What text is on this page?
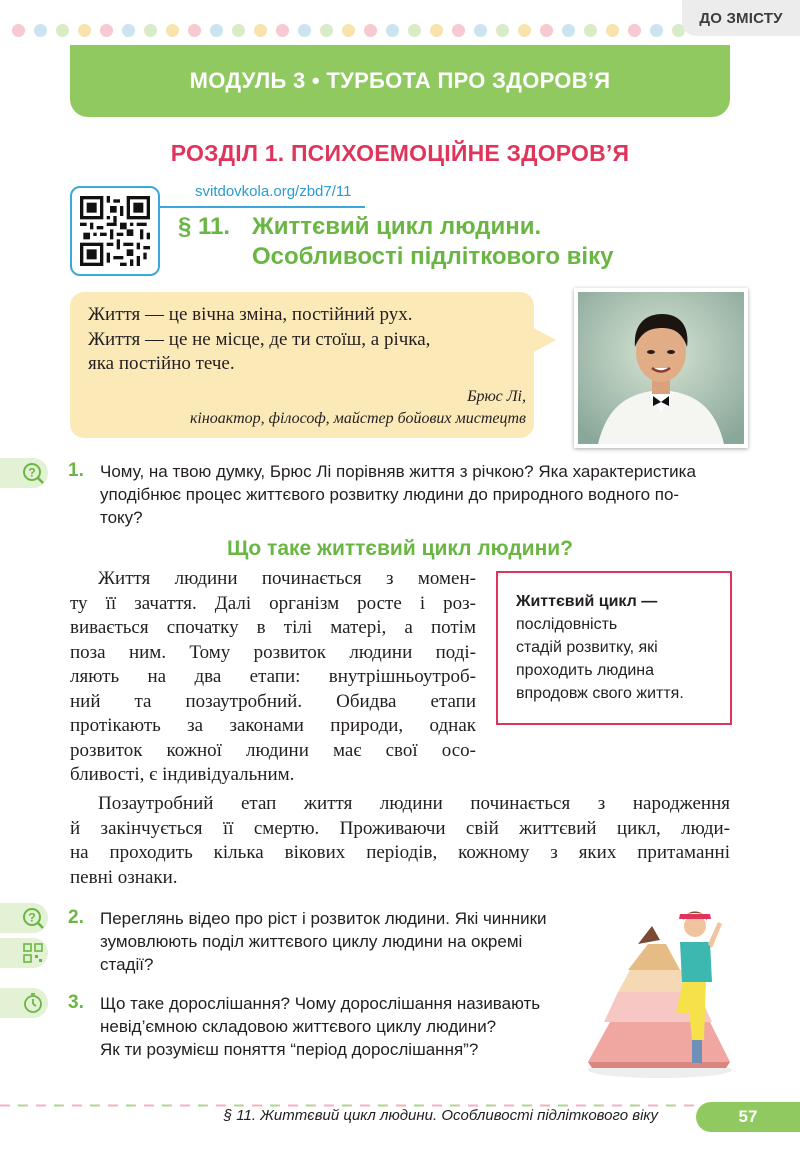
ДО ЗМІСТУ
МОДУЛЬ 3 • ТУРБОТА ПРО ЗДОРОВ’Я
РОЗДІЛ 1. ПСИХОЕМОЦІЙНЕ ЗДОРОВ’Я
svitdovkola.org/zbd7/11
§ 11. Життєвий цикл людини.
Особливості підліткового віку
Життя — це вічна зміна, постійний рух.
Життя — це не місце, де ти стоїш, а річка,
яка постійно тече.
Брюс Лі,
кіноактор, філософ, майстер бойових мистецтв
? 1. Чому, на твою думку, Брюс Лі порівняв життя з річкою? Яка характеристика
уподібнює процес життєвого розвитку людини до природного водного по-
току?
Що таке життєвий цикл людини?
Життя людини починається з момен-
ту її зачаття. Далі організм росте і роз-
вивається спочатку в тілі матері, а потім
поза ним. Тому розвиток людини поді-
ляють на два етапи: внутрішньоутроб-
ний та позаутробний. Обидва етапи
протікають за законами природи, однак
розвиток кожної людини має свої осо-
бливості, є індивідуальним.
Життєвий цикл —
послідовність
стадій розвитку, які
проходить людина
впродовж свого життя.
Позаутробний етап життя людини починається з народження
й закінчується її смертю. Проживаючи свій життєвий цикл, люди-
на проходить кілька вікових періодів, кожному з яких притаманні
певні ознаки.
? 2. Переглянь відео про ріст і розвиток людини. Які чинники
зумовлюють поділ життєвого циклу людини на окремі
стадії?
3. Що таке дорослішання? Чому дорослішання називають
невід’ємною складовою життєвого циклу людини?
Як ти розумієш поняття “період дорослішання”?
§ 11. Життєвий цикл людини. Особливості підліткового віку	57
